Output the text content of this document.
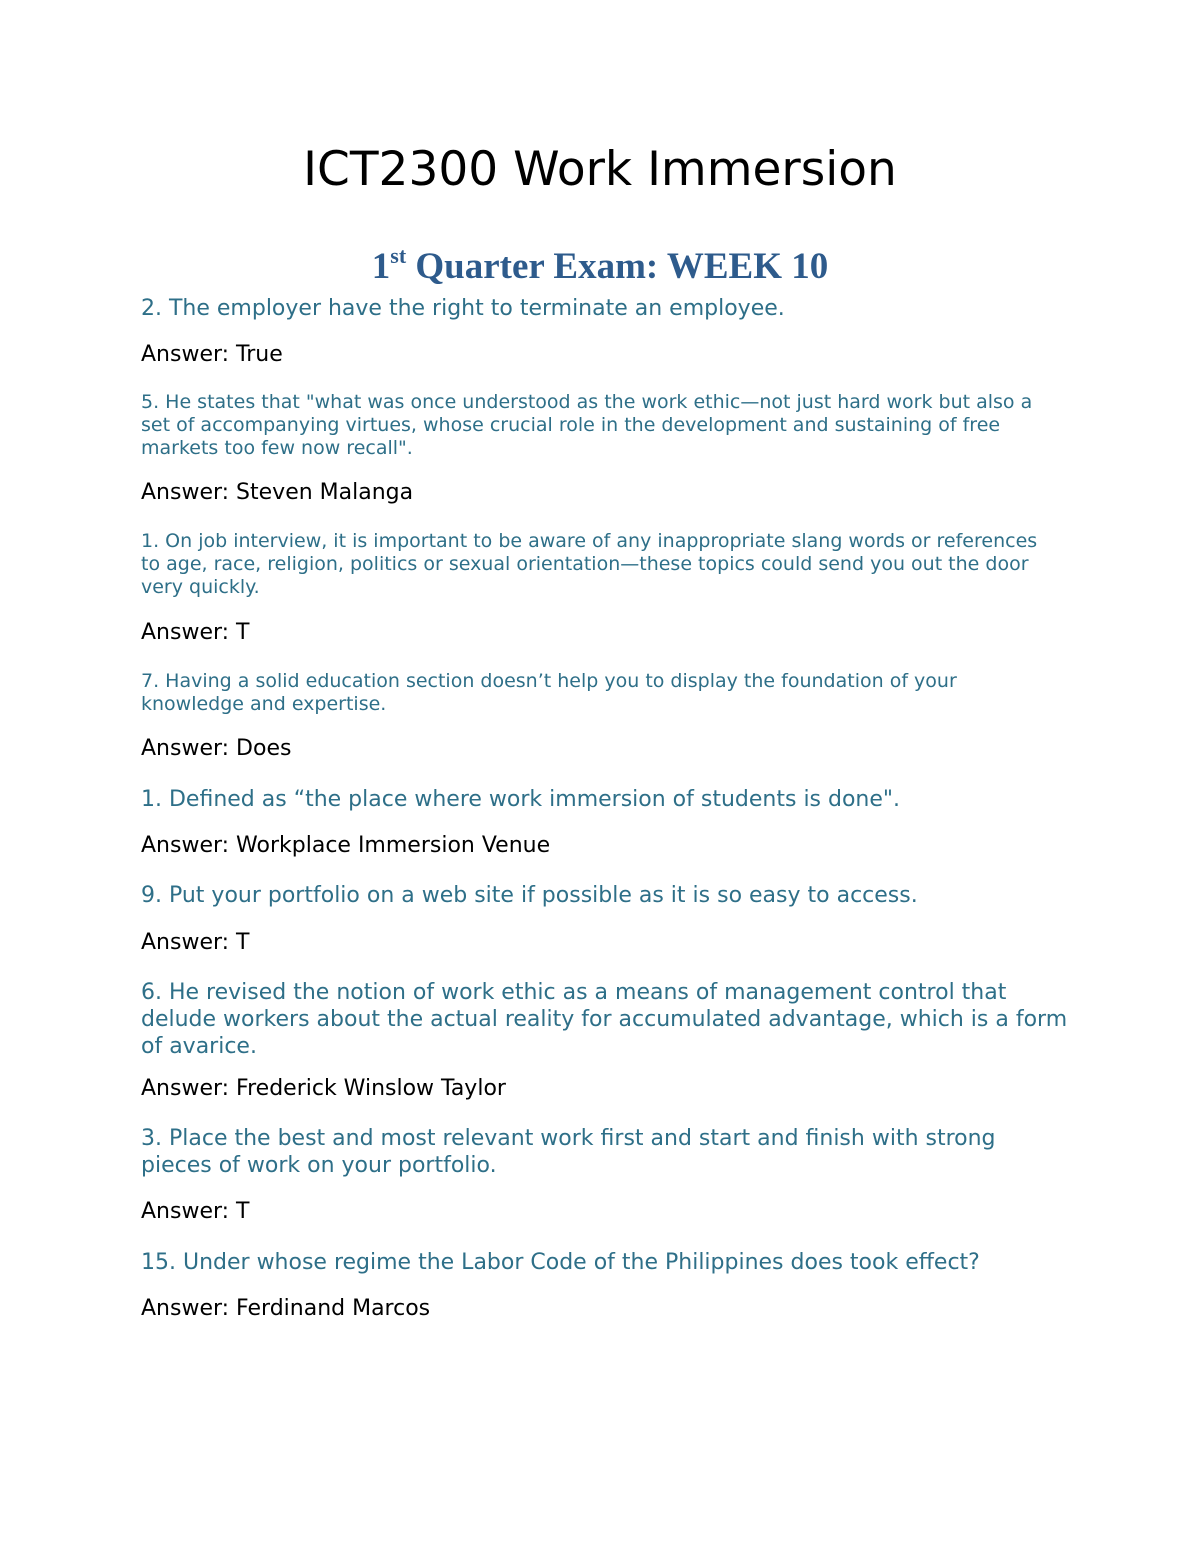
ICT2300 Work Immersion
1st Quarter Exam: WEEK 10

2. The employer have the right to terminate an employee.

Answer: True

5. He states that "what was once understood as the work ethic—not just hard work but also a set of accompanying virtues, whose crucial role in the development and sustaining of free markets too few now recall".

Answer: Steven Malanga

1. On job interview, it is important to be aware of any inappropriate slang words or references to age, race, religion, politics or sexual orientation—these topics could send you out the door very quickly.

Answer: T

7. Having a solid education section doesn’t help you to display the foundation of your knowledge and expertise.

Answer: Does

1. Defined as “the place where work immersion of students is done".

Answer: Workplace Immersion Venue

9. Put your portfolio on a web site if possible as it is so easy to access.

Answer: T

6. He revised the notion of work ethic as a means of management control that delude workers about the actual reality for accumulated advantage, which is a form of avarice.

Answer: Frederick Winslow Taylor

3. Place the best and most relevant work first and start and finish with strong pieces of work on your portfolio.

Answer: T

15. Under whose regime the Labor Code of the Philippines does took effect?

Answer: Ferdinand Marcos
